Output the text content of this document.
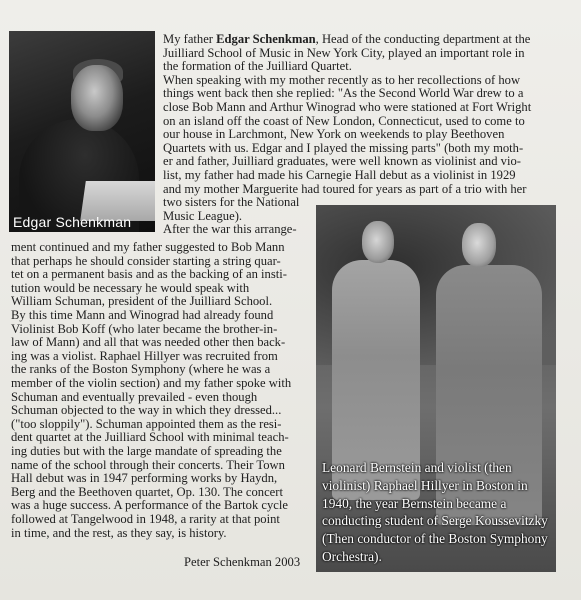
Edgar Schenkman
My father Edgar Schenkman, Head of the conducting department at the
Juilliard School of Music in New York City, played an important role in
the formation of the Juilliard Quartet.
When speaking with my mother recently as to her recollections of how
things went back then she replied: "As the Second World War drew to a
close Bob Mann and Arthur Winograd who were stationed at Fort Wright
on an island off the coast of New London, Connecticut, used to come to
our house in Larchmont, New York on weekends to play Beethoven
Quartets with us. Edgar and I played the missing parts" (both my moth-
er and father, Juilliard graduates, were well known as violinist and vio-
list, my father had made his Carnegie Hall debut as a violinist in 1929
and my mother Marguerite had toured for years as part of a trio with her
two sisters for the National
Music League).
After the war this arrange-
ment continued and my father suggested to Bob Mann
that perhaps he should consider starting a string quar-
tet on a permanent basis and as the backing of an insti-
tution would be necessary he would speak with
William Schuman, president of the Juilliard School.
By this time Mann and Winograd had already found
Violinist Bob Koff (who later became the brother-in-
law of Mann) and all that was needed other then back-
ing was a violist. Raphael Hillyer was recruited from
the ranks of the Boston Symphony (where he was a
member of the violin section) and my father spoke with
Schuman and eventually prevailed - even though
Schuman objected to the way in which they dressed...
("too sloppily"). Schuman appointed them as the resi-
dent quartet at the Juilliard School with minimal teach-
ing duties but with the large mandate of spreading the
name of the school through their concerts. Their Town
Hall debut was in 1947 performing works by Haydn,
Berg and the Beethoven quartet, Op. 130. The concert
was a huge success. A performance of the Bartok cycle
followed at Tangelwood in 1948, a rarity at that point
in time, and the rest, as they say, is history.
Leonard Bernstein and violist (then violinist) Raphael Hillyer in Boston in 1940, the year Bernstein became a conducting student of Serge Koussevitzky (Then conductor of the Boston Symphony Orchestra).
Peter Schenkman 2003
